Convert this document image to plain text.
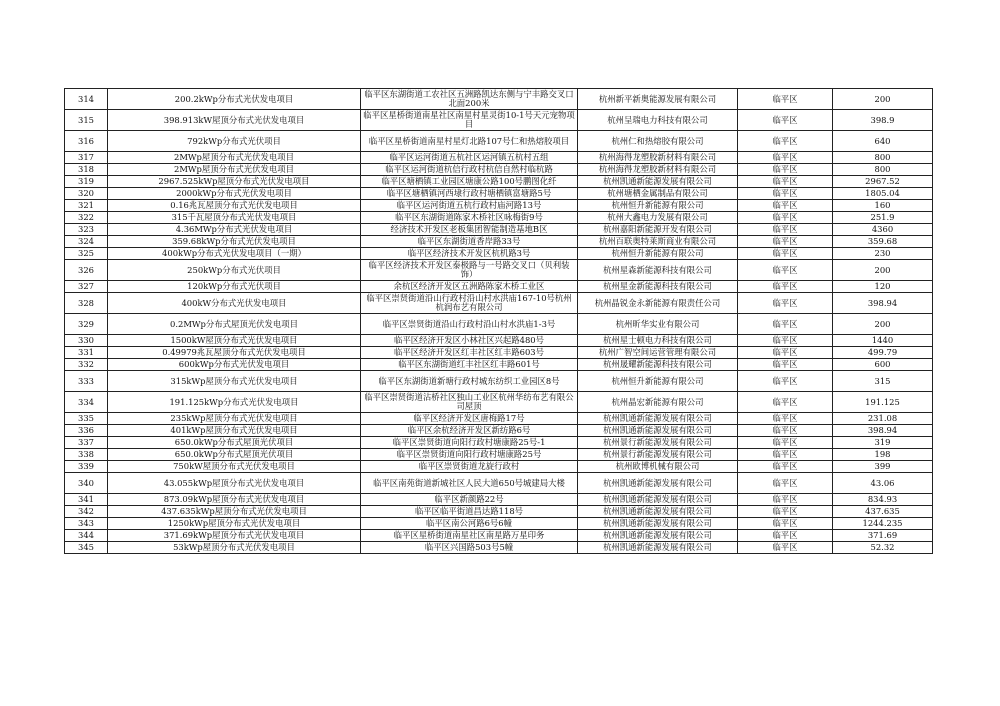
314	200.2kWp分布式光伏发电项目	临平区东湖街道工农社区五洲路凯达东侧与宁丰路交叉口北面200米	杭州新平新奥能源发展有限公司	临平区	200
315	398.913kW屋顶分布式光伏发电项目	临平区星桥街道南星社区南星村星灵街10-1号天元宠物项目	杭州呈瑞电力科技有限公司	临平区	398.9
316	792kWp分布式光伏项目	临平区星桥街道南星村星灯北路107号仁和热熔胶项目	杭州仁和热熔胶有限公司	临平区	640
317	2MWp屋顶分布式光伏发电项目	临平区运河街道五杭社区运河镇五杭村五组	杭州海得龙塑胶新材料有限公司	临平区	800
318	2MWp屋顶分布式光伏发电项目	临平区运河街道杭信行政村杭信自然村临杭路	杭州海得龙塑胶新材料有限公司	临平区	800
319	2967.525kWp屋顶分布式光伏发电项目	临平区塘栖镇工业园区塘康公路100号鹏图化纤	杭州凯通新能源发展有限公司	临平区	2967.52
320	2000kWp分布式光伏发电项目	临平区塘栖镇河西埭行政村塘栖镇富塘路5号	杭州塘栖金属制品有限公司	临平区	1805.04
321	0.16兆瓦屋顶分布式光伏发电项目	临平区运河街道五杭行政村庙河路13号	杭州恒升新能源有限公司	临平区	160
322	315千瓦屋顶分布式光伏发电项目	临平区东湖街道陈家木桥社区咏梅街9号	杭州大鑫电力发展有限公司	临平区	251.9
323	4.36MWp分布式光伏发电项目	经济技术开发区老板集团智能制造基地B区	杭州嘉阳新能源开发有限公司	临平区	4360
324	359.68kWp分布式光伏发电项目	临平区东湖街道香岸路33号	杭州百联奥特莱斯商业有限公司	临平区	359.68
325	400kWp分布式光伏发电项目（一期）	临平区经济技术开发区杭机路3号	杭州恒升新能源有限公司	临平区	230
326	250kWp分布式光伏项目	临平区经济技术开发区泰极路与一号路交叉口（贝利装饰）	杭州星森新能源科技有限公司	临平区	200
327	120kWp分布式光伏项目	余杭区经济开发区五洲路陈家木桥工业区	杭州星金新能源科技有限公司	临平区	120
328	400kW分布式光伏发电项目	临平区崇贤街道沿山行政村沿山村水洪庙167-10号杭州杭润布艺有限公司	杭州晶锐金永新能源有限责任公司	临平区	398.94
329	0.2MWp分布式屋顶光伏发电项目	临平区崇贤街道沿山行政村沿山村水洪庙1-3号	杭州昕华实业有限公司	临平区	200
330	1500kW屋顶分布式光伏发电项目	临平区经济开发区小林社区兴起路480号	杭州星士顿电力科技有限公司	临平区	1440
331	0.49979兆瓦屋顶分布式光伏发电项目	临平区经济开发区红丰社区红丰路603号	杭州广智空间运营管理有限公司	临平区	499.79
332	600kWp分布式光伏发电项目	临平区东湖街道红丰社区红丰路601号	杭州晟耀新能源科技有限公司	临平区	600
333	315kWp屋顶分布式光伏发电项目	临平区东湖街道新塘行政村城东纺织工业园区8号	杭州恒升新能源有限公司	临平区	315
334	191.125kWp分布式光伏发电项目	临平区崇贤街道沾桥社区独山工业区杭州华纺布艺有限公司屋顶	杭州晶宏新能源有限公司	临平区	191.125
335	235kWp屋顶分布式光伏发电项目	临平区经济开发区唐梅路17号	杭州凯通新能源发展有限公司	临平区	231.08
336	401kWp屋顶分布式光伏发电项目	临平区余杭经济开发区新纺路6号	杭州凯通新能源发展有限公司	临平区	398.94
337	650.0kWp分布式屋顶光伏项目	临平区崇贤街道向阳行政村塘康路25号-1	杭州景行新能源发展有限公司	临平区	319
338	650.0kWp分布式屋顶光伏项目	临平区崇贤街道向阳行政村塘康路25号	杭州景行新能源发展有限公司	临平区	198
339	750kW屋顶分布式光伏发电项目	临平区崇贤街道龙旋行政村	杭州欧博机械有限公司	临平区	399
340	43.055kWp屋顶分布式光伏发电项目	临平区南苑街道新城社区人民大道650号城建局大楼	杭州凯通新能源发展有限公司	临平区	43.06
341	873.09kWp屋顶分布式光伏发电项目	临平区新颜路22号	杭州凯通新能源发展有限公司	临平区	834.93
342	437.635kWp屋顶分布式光伏发电项目	临平区临平街道昌达路118号	杭州凯通新能源发展有限公司	临平区	437.635
343	1250kWp屋顶分布式光伏发电项目	临平区南公河路6号6幢	杭州凯通新能源发展有限公司	临平区	1244.235
344	371.69kWp屋顶分布式光伏发电项目	临平区星桥街道南星社区南星路万星印务	杭州凯通新能源发展有限公司	临平区	371.69
345	53kWp屋顶分布式光伏发电项目	临平区兴国路503号5幢	杭州凯通新能源发展有限公司	临平区	52.32
